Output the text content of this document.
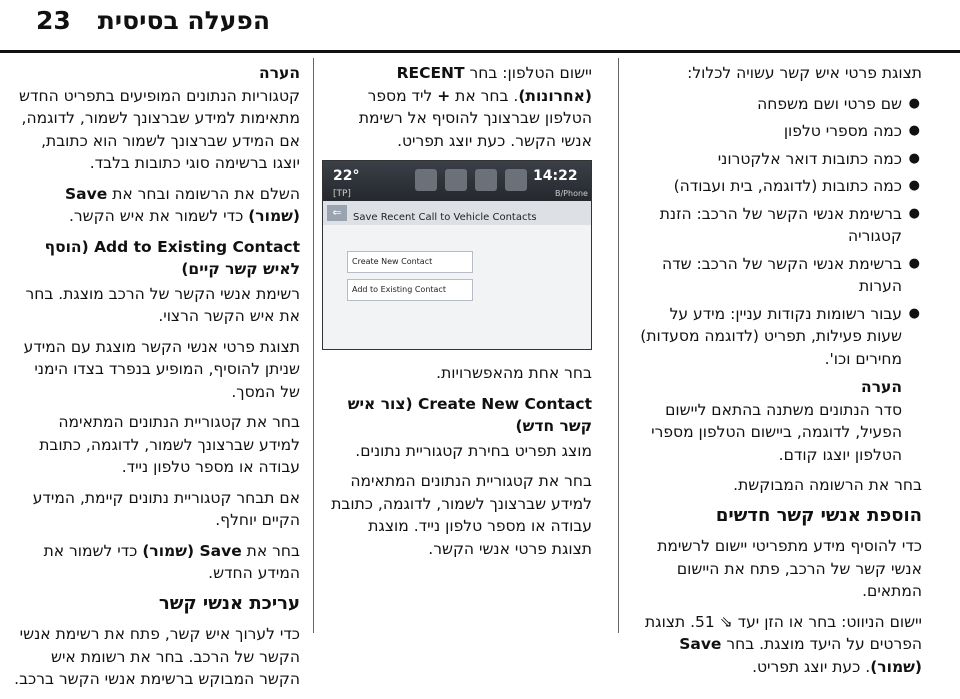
23 הפעלה בסיסית

תצוגת פרטי איש קשר עשויה לכלול:

● שם פרטי ושם משפחה
● כמה מספרי טלפון
● כמה כתובות דואר אלקטרוני
● כמה כתובות (לדוגמה, בית ועבודה)
● ברשימת אנשי הקשר של הרכב: הזנת קטגוריה
● ברשימת אנשי הקשר של הרכב: שדה הערות
● עבור רשומות נקודות עניין: מידע על שעות פעילות, תפריט (לדוגמה מסעדות) מחירים וכו'.

הערה

סדר הנתונים משתנה בהתאם ליישום הפעיל, לדוגמה, ביישום הטלפון מספרי הטלפון יוצגו קודם.

בחר את הרשומה המבוקשת.

הוספת אנשי קשר חדשים

כדי להוסיף מידע מתפריטי יישום לרשימת אנשי קשר של הרכב, פתח את היישום המתאים.

יישום הניווט: בחר או הזן יעד ⇘ 51. תצוגת הפרטים על היעד מוצגת. בחר Save (שמור). כעת יוצג תפריט.

יישום הטלפון: בחר RECENT (אחרונות). בחר את + ליד מספר הטלפון שברצונך להוסיף אל רשימת אנשי הקשר. כעת יוצג תפריט.

22°
[TP]
14:22
B/Phone
⇐	Save Recent Call to Vehicle Contacts
Create New Contact
Add to Existing Contact

בחר אחת מהאפשרויות.

Create New Contact (צור איש קשר חדש)

מוצג תפריט בחירת קטגוריית נתונים.

בחר את קטגוריית הנתונים המתאימה למידע שברצונך לשמור, לדוגמה, כתובת עבודה או מספר טלפון נייד. מוצגת תצוגת פרטי אנשי הקשר.

הערה

קטגוריות הנתונים המופיעים בתפריט החדש מתאימות למידע שברצונך לשמור, לדוגמה, אם המידע שברצונך לשמור הוא כתובת, יוצגו ברשימה סוגי כתובות בלבד.

השלם את הרשומה ובחר את Save (שמור) כדי לשמור את איש הקשר.

Add to Existing Contact (הוסף לאיש קשר קיים)

רשימת אנשי הקשר של הרכב מוצגת. בחר את איש הקשר הרצוי.

תצוגת פרטי אנשי הקשר מוצגת עם המידע שניתן להוסיף, המופיע בנפרד בצדו הימני של המסך.

בחר את קטגוריית הנתונים המתאימה למידע שברצונך לשמור, לדוגמה, כתובת עבודה או מספר טלפון נייד.

אם תבחר קטגוריית נתונים קיימת, המידע הקיים יוחלף.

בחר את Save (שמור) כדי לשמור את המידע החדש.

עריכת אנשי קשר

כדי לערוך איש קשר, פתח את רשימת אנשי הקשר של הרכב. בחר את רשומת איש הקשר המבוקש ברשימת אנשי הקשר ברכב.
